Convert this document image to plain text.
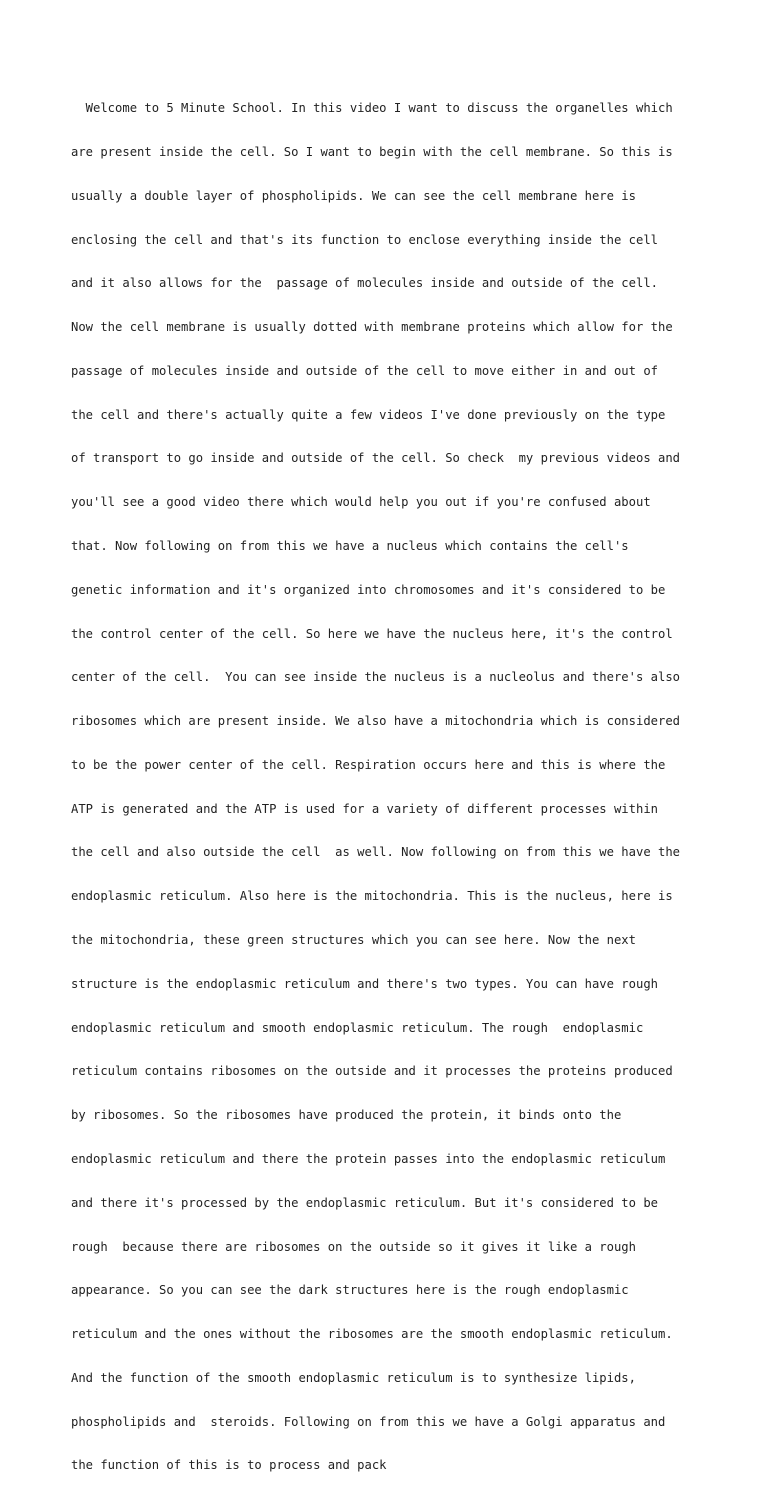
Welcome to 5 Minute School. In this video I want to discuss the organelles which

are present inside the cell. So I want to begin with the cell membrane. So this is

usually a double layer of phospholipids. We can see the cell membrane here is

enclosing the cell and that's its function to enclose everything inside the cell

and it also allows for the  passage of molecules inside and outside of the cell.

Now the cell membrane is usually dotted with membrane proteins which allow for the

passage of molecules inside and outside of the cell to move either in and out of

the cell and there's actually quite a few videos I've done previously on the type

of transport to go inside and outside of the cell. So check  my previous videos and

you'll see a good video there which would help you out if you're confused about

that. Now following on from this we have a nucleus which contains the cell's

genetic information and it's organized into chromosomes and it's considered to be

the control center of the cell. So here we have the nucleus here, it's the control

center of the cell.  You can see inside the nucleus is a nucleolus and there's also

ribosomes which are present inside. We also have a mitochondria which is considered

to be the power center of the cell. Respiration occurs here and this is where the

ATP is generated and the ATP is used for a variety of different processes within

the cell and also outside the cell  as well. Now following on from this we have the

endoplasmic reticulum. Also here is the mitochondria. This is the nucleus, here is

the mitochondria, these green structures which you can see here. Now the next

structure is the endoplasmic reticulum and there's two types. You can have rough

endoplasmic reticulum and smooth endoplasmic reticulum. The rough  endoplasmic

reticulum contains ribosomes on the outside and it processes the proteins produced

by ribosomes. So the ribosomes have produced the protein, it binds onto the

endoplasmic reticulum and there the protein passes into the endoplasmic reticulum

and there it's processed by the endoplasmic reticulum. But it's considered to be

rough  because there are ribosomes on the outside so it gives it like a rough

appearance. So you can see the dark structures here is the rough endoplasmic

reticulum and the ones without the ribosomes are the smooth endoplasmic reticulum.

And the function of the smooth endoplasmic reticulum is to synthesize lipids,

phospholipids and  steroids. Following on from this we have a Golgi apparatus and

the function of this is to process and pack
